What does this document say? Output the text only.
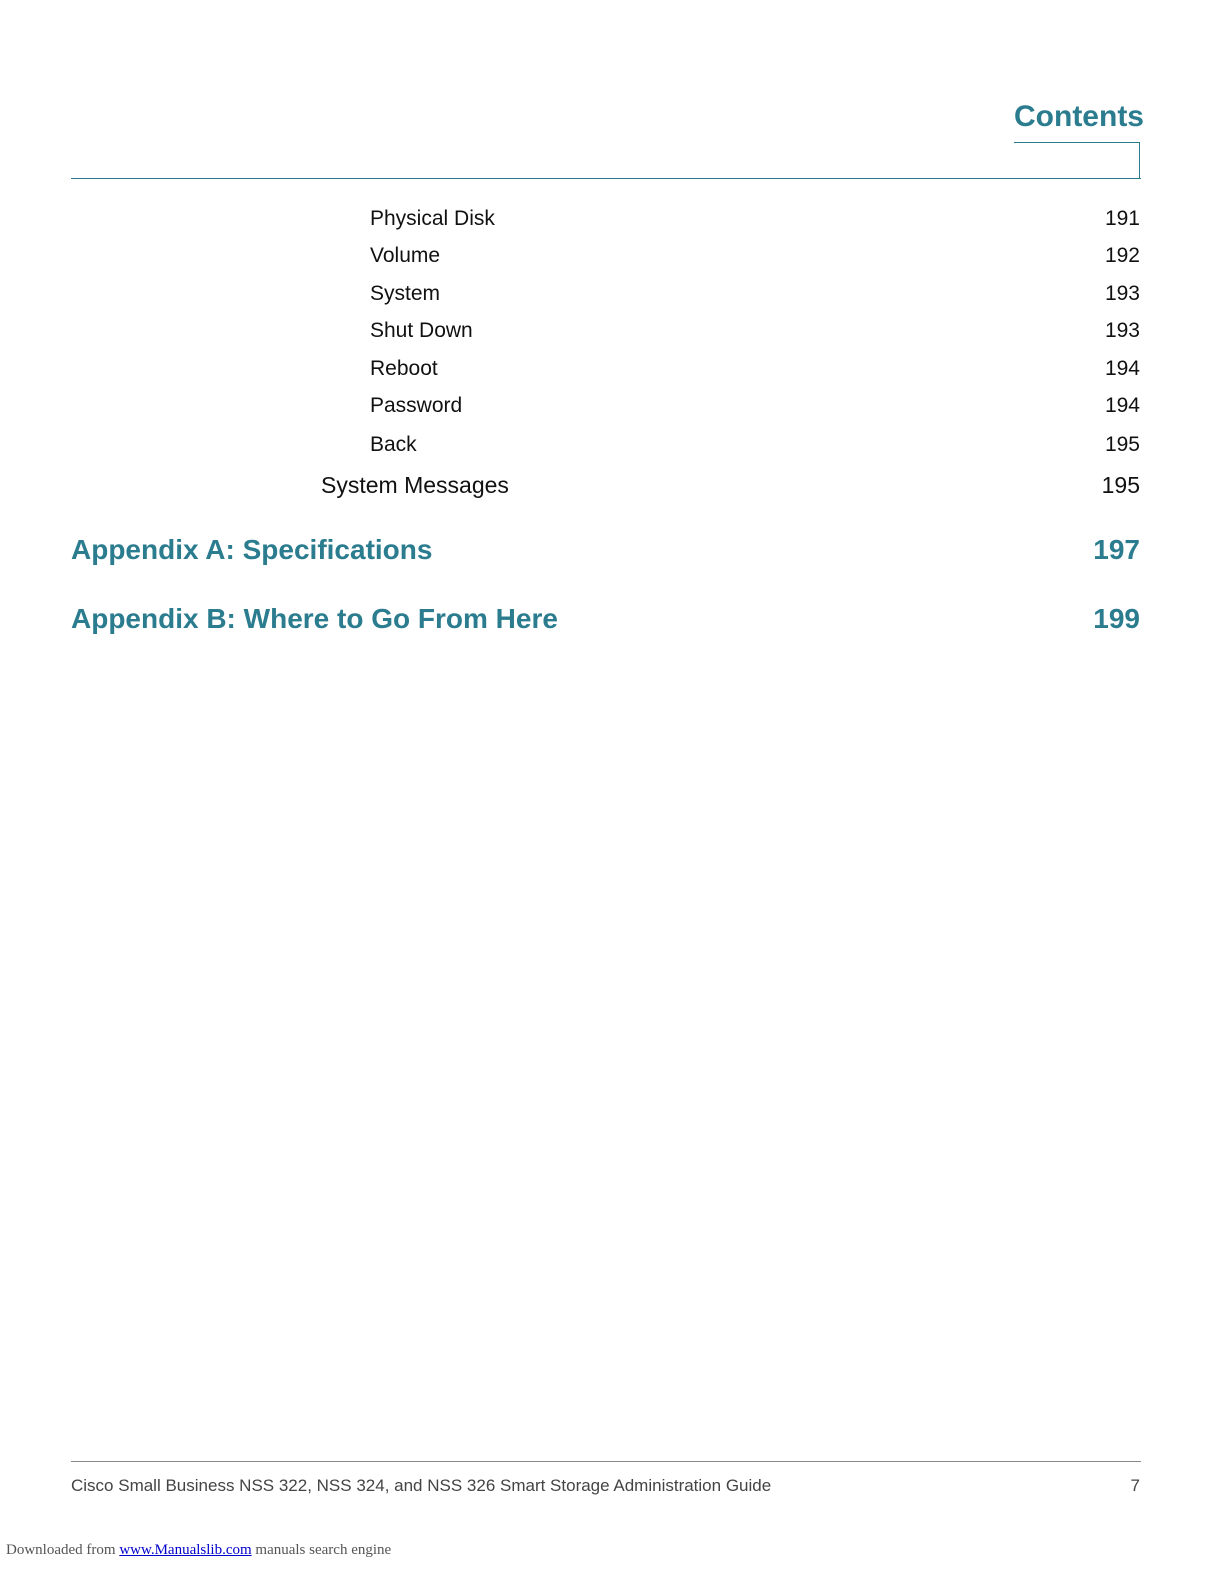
Contents
Physical Disk	191
Volume	192
System	193
Shut Down	193
Reboot	194
Password	194
Back	195
System Messages	195
Appendix A: Specifications	197
Appendix B: Where to Go From Here	199
Cisco Small Business NSS 322, NSS 324, and NSS 326 Smart Storage Administration Guide	7
Downloaded from www.Manualslib.com manuals search engine
